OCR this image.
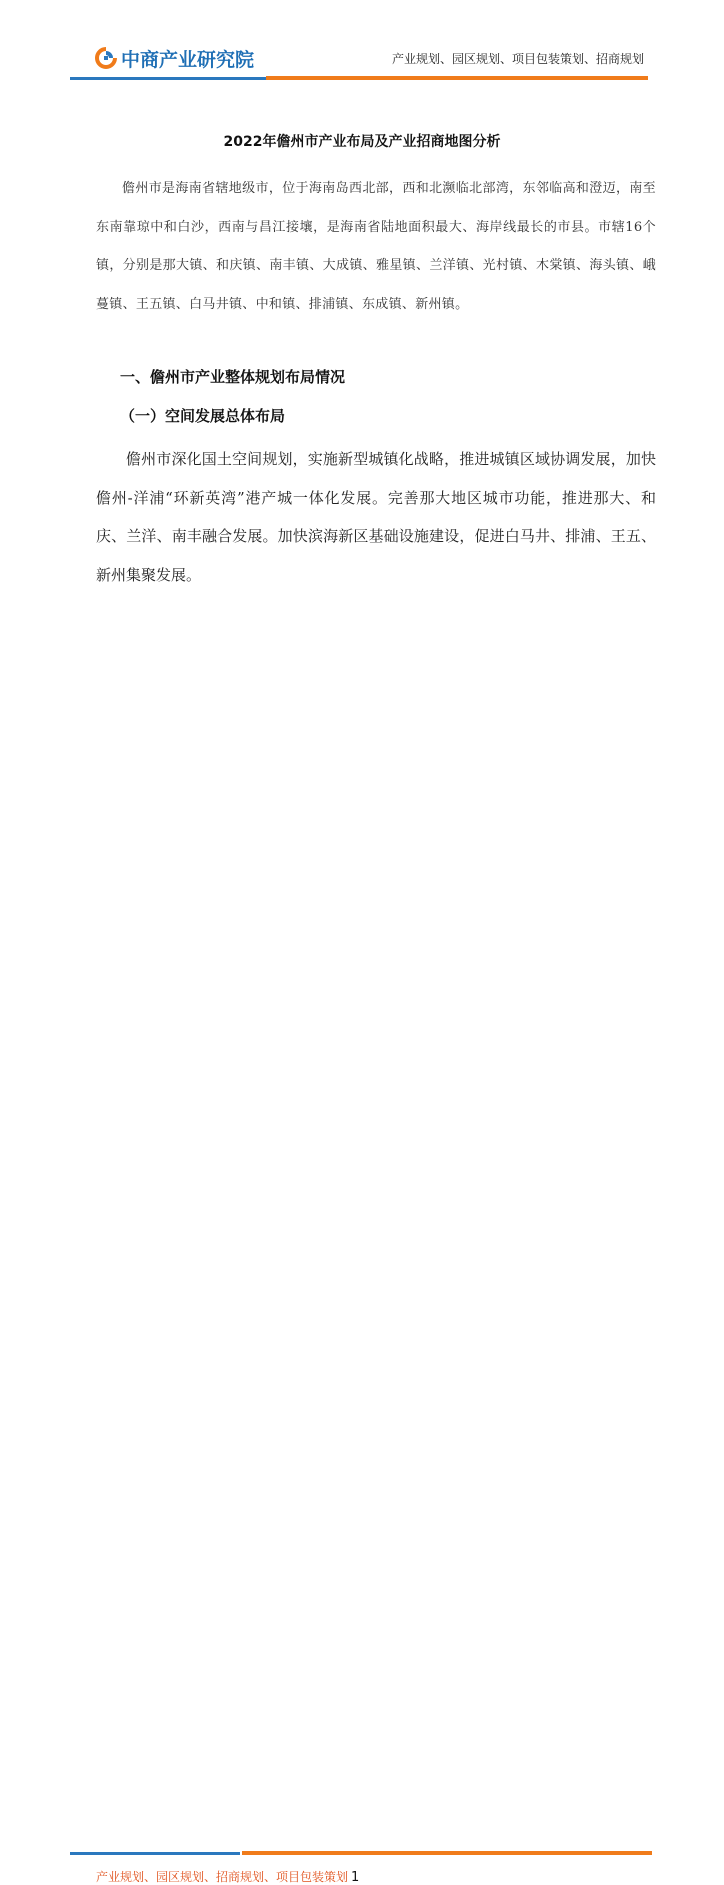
中商产业研究院	产业规划、园区规划、项目包装策划、招商规划
2022年儋州市产业布局及产业招商地图分析
儋州市是海南省辖地级市，位于海南岛西北部，西和北濒临北部湾，东邻临高和澄迈，南至东南靠琼中和白沙，西南与昌江接壤，是海南省陆地面积最大、海岸线最长的市县。市辖16个镇，分别是那大镇、和庆镇、南丰镇、大成镇、雅星镇、兰洋镇、光村镇、木棠镇、海头镇、峨蔓镇、王五镇、白马井镇、中和镇、排浦镇、东成镇、新州镇。
一、儋州市产业整体规划布局情况
（一）空间发展总体布局
儋州市深化国土空间规划，实施新型城镇化战略，推进城镇区域协调发展，加快儋州-洋浦“环新英湾”港产城一体化发展。完善那大地区城市功能，推进那大、和庆、兰洋、南丰融合发展。加快滨海新区基础设施建设，促进白马井、排浦、王五、新州集聚发展。
产业规划、园区规划、招商规划、项目包装策划 1
